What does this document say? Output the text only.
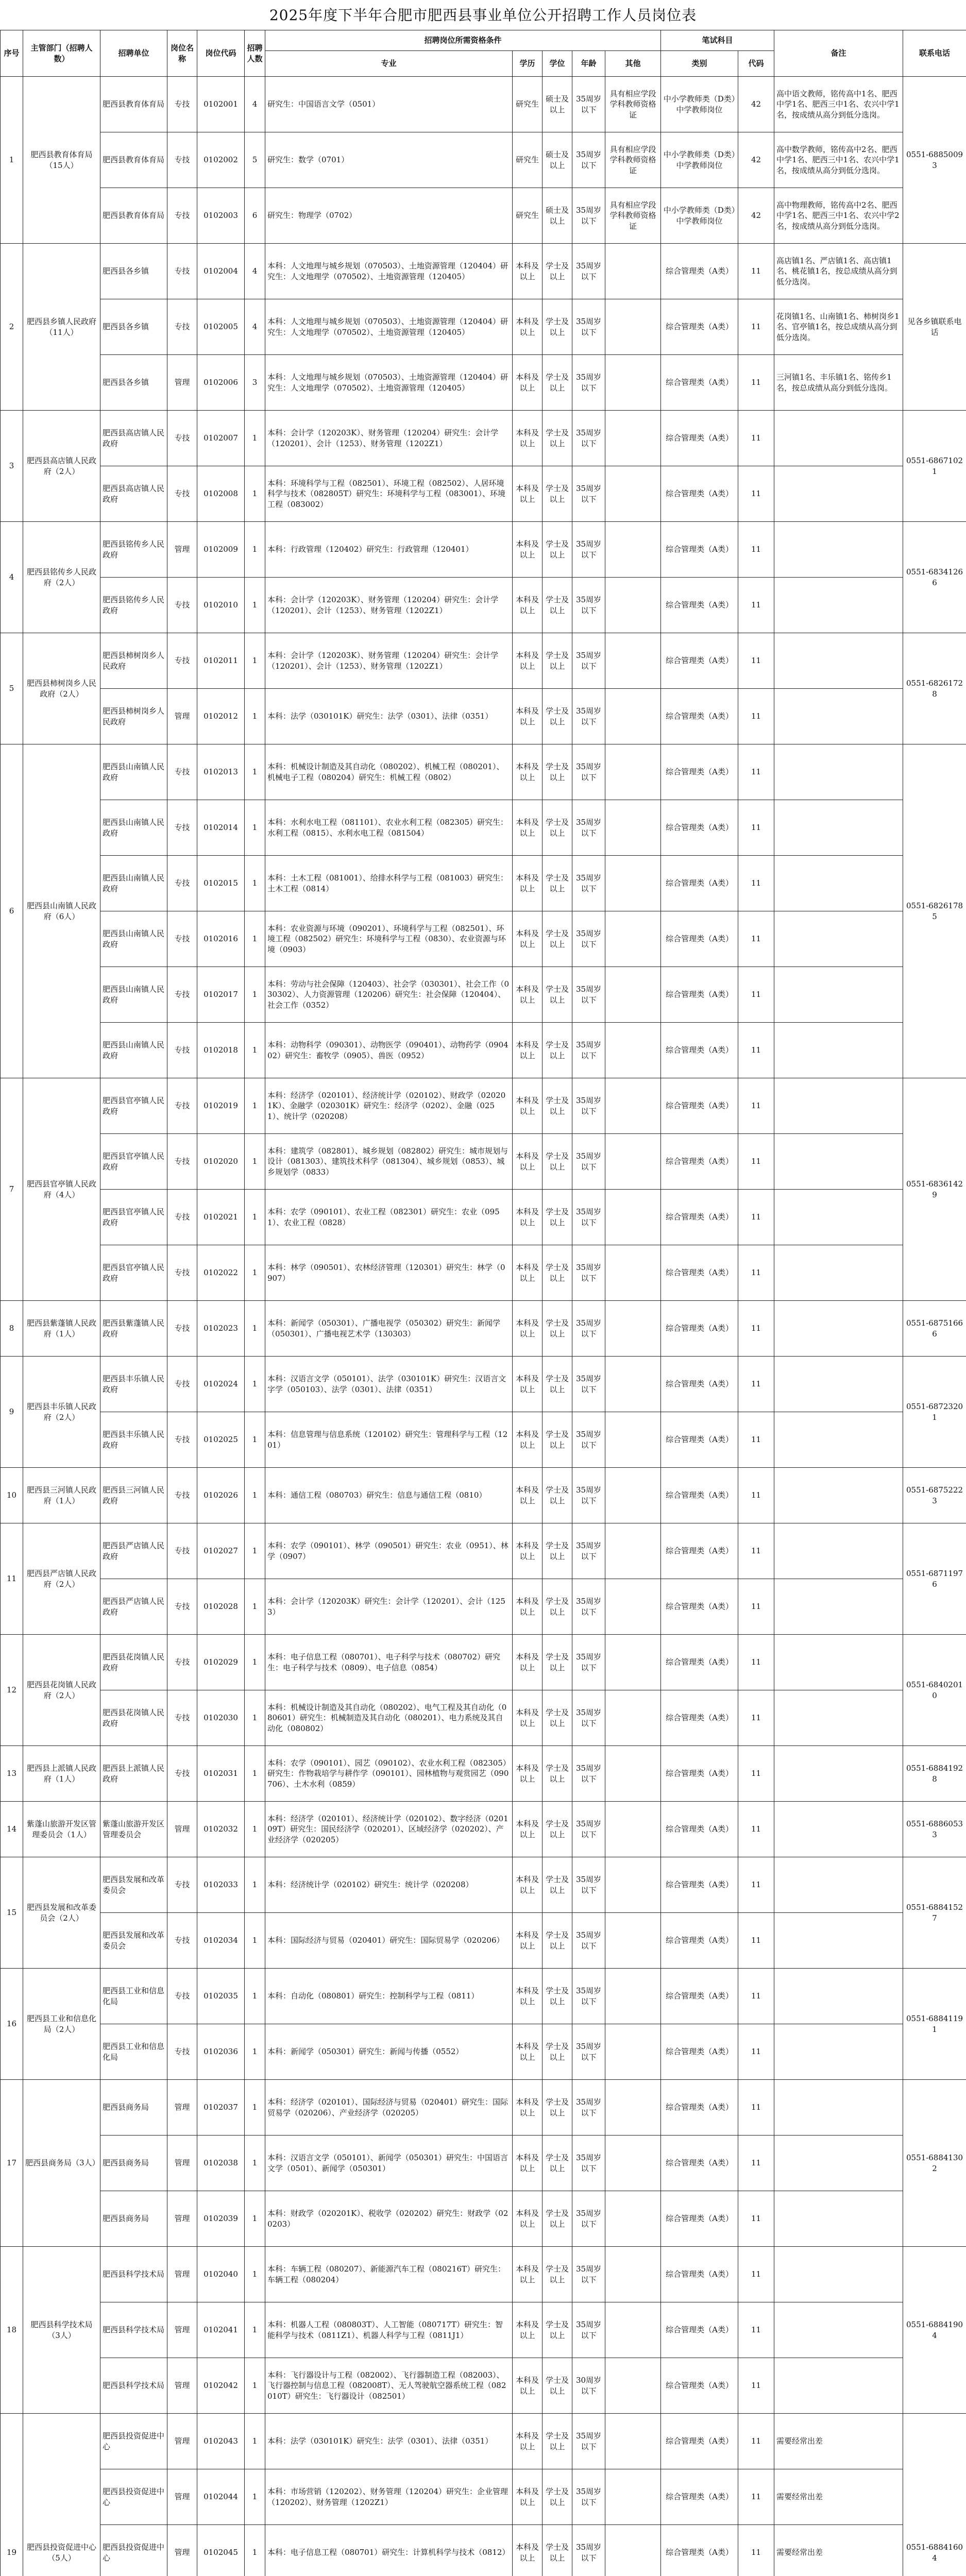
2025年度下半年合肥市肥西县事业单位公开招聘工作人员岗位表
序号	主管部门（招聘人数）	招聘单位	岗位名称	岗位代码	招聘人数	招聘岗位所需资格条件					笔试科目		备注	联系电话
						专业	学历	学位	年龄	其他	类别	代码		

1	肥西县教育体育局（15人）	肥西县教育体育局	专技	0102001	4	研究生：中国语言文学（0501）	研究生	硕士及以上	35周岁以下	具有相应学段学科教师资格证	中小学教师类（D类）中学教师岗位	42	高中语文教师，铭传高中1名、肥西中学1名、肥西三中1名、农兴中学1名，按成绩从高分到低分选岗。	0551-68850093
		肥西县教育体育局	专技	0102002	5	研究生：数学（0701）	研究生	硕士及以上	35周岁以下	具有相应学段学科教师资格证	中小学教师类（D类）中学教师岗位	42	高中数学教师，铭传高中2名、肥西中学1名、肥西三中1名、农兴中学1名，按成绩从高分到低分选岗。	
		肥西县教育体育局	专技	0102003	6	研究生：物理学（0702）	研究生	硕士及以上	35周岁以下	具有相应学段学科教师资格证	中小学教师类（D类）中学教师岗位	42	高中物理教师，铭传高中2名、肥西中学1名、肥西三中1名、农兴中学2名，按成绩从高分到低分选岗。	
2	肥西县乡镇人民政府（11人）	肥西县各乡镇	专技	0102004	4	本科：人文地理与城乡规划（070503）、土地资源管理（120404）研究生：人文地理学（070502）、土地资源管理（120405）	本科及以上	学士及以上	35周岁以下		综合管理类（A类）	11	高店镇1名、严店镇1名、高店镇1名、桃花镇1名，按总成绩从高分到低分选岗。	见各乡镇联系电话
		肥西县各乡镇	专技	0102005	4	本科：人文地理与城乡规划（070503）、土地资源管理（120404）研究生：人文地理学（070502）、土地资源管理（120405）	本科及以上	学士及以上	35周岁以下		综合管理类（A类）	11	花岗镇1名、山南镇1名、柿树岗乡1名、官亭镇1名，按总成绩从高分到低分选岗。	
		肥西县各乡镇	管理	0102006	3	本科：人文地理与城乡规划（070503）、土地资源管理（120404）研究生：人文地理学（070502）、土地资源管理（120405）	本科及以上	学士及以上	35周岁以下		综合管理类（A类）	11	三河镇1名、丰乐镇1名、铭传乡1名，按总成绩从高分到低分选岗。	
3	肥西县高店镇人民政府（2人）	肥西县高店镇人民政府	专技	0102007	1	本科：会计学（120203K）、财务管理（120204）研究生：会计学（120201）、会计（1253）、财务管理（1202Z1）	本科及以上	学士及以上	35周岁以下		综合管理类（A类）	11		0551-68671021
		肥西县高店镇人民政府	专技	0102008	1	本科：环境科学与工程（082501）、环境工程（082502）、人居环境科学与技术（082805T）研究生：环境科学与工程（083001）、环境工程（083002）	本科及以上	学士及以上	35周岁以下		综合管理类（A类）	11		
4	肥西县铭传乡人民政府（2人）	肥西县铭传乡人民政府	管理	0102009	1	本科：行政管理（120402）研究生：行政管理（120401）	本科及以上	学士及以上	35周岁以下		综合管理类（A类）	11		0551-68341266
		肥西县铭传乡人民政府	专技	0102010	1	本科：会计学（120203K）、财务管理（120204）研究生：会计学（120201）、会计（1253）、财务管理（1202Z1）	本科及以上	学士及以上	35周岁以下		综合管理类（A类）	11		
5	肥西县柿树岗乡人民政府（2人）	肥西县柿树岗乡人民政府	专技	0102011	1	本科：会计学（120203K）、财务管理（120204）研究生：会计学（120201）、会计（1253）、财务管理（1202Z1）	本科及以上	学士及以上	35周岁以下		综合管理类（A类）	11		0551-68261728
		肥西县柿树岗乡人民政府	管理	0102012	1	本科：法学（030101K）研究生：法学（0301）、法律（0351）	本科及以上	学士及以上	35周岁以下		综合管理类（A类）	11		
6	肥西县山南镇人民政府（6人）	肥西县山南镇人民政府	专技	0102013	1	本科：机械设计制造及其自动化（080202）、机械工程（080201）、机械电子工程（080204）研究生：机械工程（0802）	本科及以上	学士及以上	35周岁以下		综合管理类（A类）	11		0551-68261785
		肥西县山南镇人民政府	专技	0102014	1	本科：水利水电工程（081101）、农业水利工程（082305）研究生：水利工程（0815）、水利水电工程（081504）	本科及以上	学士及以上	35周岁以下		综合管理类（A类）	11		
		肥西县山南镇人民政府	专技	0102015	1	本科：土木工程（081001）、给排水科学与工程（081003）研究生：土木工程（0814）	本科及以上	学士及以上	35周岁以下		综合管理类（A类）	11		
		肥西县山南镇人民政府	专技	0102016	1	本科：农业资源与环境（090201）、环境科学与工程（082501）、环境工程（082502）研究生：环境科学与工程（0830）、农业资源与环境（0903）	本科及以上	学士及以上	35周岁以下		综合管理类（A类）	11		
		肥西县山南镇人民政府	专技	0102017	1	本科：劳动与社会保障（120403）、社会学（030301）、社会工作（030302）、人力资源管理（120206）研究生：社会保障（120404）、社会工作（0352）	本科及以上	学士及以上	35周岁以下		综合管理类（A类）	11		
		肥西县山南镇人民政府	专技	0102018	1	本科：动物科学（090301）、动物医学（090401）、动物药学（090402）研究生：畜牧学（0905）、兽医（0952）	本科及以上	学士及以上	35周岁以下		综合管理类（A类）	11		
7	肥西县官亭镇人民政府（4人）	肥西县官亭镇人民政府	专技	0102019	1	本科：经济学（020101）、经济统计学（020102）、财政学（020201K）、金融学（020301K）研究生：经济学（0202）、金融（0251）、统计学（020208）	本科及以上	学士及以上	35周岁以下		综合管理类（A类）	11		0551-68361429
		肥西县官亭镇人民政府	专技	0102020	1	本科：建筑学（082801）、城乡规划（082802）研究生：城市规划与设计（081303）、建筑技术科学（081304）、城乡规划（0853）、城乡规划学（0833）	本科及以上	学士及以上	35周岁以下		综合管理类（A类）	11		
		肥西县官亭镇人民政府	专技	0102021	1	本科：农学（090101）、农业工程（082301）研究生：农业（0951）、农业工程（0828）	本科及以上	学士及以上	35周岁以下		综合管理类（A类）	11		
		肥西县官亭镇人民政府	专技	0102022	1	本科：林学（090501）、农林经济管理（120301）研究生：林学（0907）	本科及以上	学士及以上	35周岁以下		综合管理类（A类）	11		
8	肥西县紫蓬镇人民政府（1人）	肥西县紫蓬镇人民政府	专技	0102023	1	本科：新闻学（050301）、广播电视学（050302）研究生：新闻学（050301）、广播电视艺术学（130303）	本科及以上	学士及以上	35周岁以下		综合管理类（A类）	11		0551-68751666
9	肥西县丰乐镇人民政府（2人）	肥西县丰乐镇人民政府	专技	0102024	1	本科：汉语言文学（050101）、法学（030101K）研究生：汉语言文字学（050103）、法学（0301）、法律（0351）	本科及以上	学士及以上	35周岁以下		综合管理类（A类）	11		0551-68723201
		肥西县丰乐镇人民政府	专技	0102025	1	本科：信息管理与信息系统（120102）研究生：管理科学与工程（1201）	本科及以上	学士及以上	35周岁以下		综合管理类（A类）	11		
10	肥西县三河镇人民政府（1人）	肥西县三河镇人民政府	专技	0102026	1	本科：通信工程（080703）研究生：信息与通信工程（0810）	本科及以上	学士及以上	35周岁以下		综合管理类（A类）	11		0551-68752223
11	肥西县严店镇人民政府（2人）	肥西县严店镇人民政府	专技	0102027	1	本科：农学（090101）、林学（090501）研究生：农业（0951）、林学（0907）	本科及以上	学士及以上	35周岁以下		综合管理类（A类）	11		0551-68711976
		肥西县严店镇人民政府	专技	0102028	1	本科：会计学（120203K）研究生：会计学（120201）、会计（1253）	本科及以上	学士及以上	35周岁以下		综合管理类（A类）	11		
12	肥西县花岗镇人民政府（2人）	肥西县花岗镇人民政府	专技	0102029	1	本科：电子信息工程（080701）、电子科学与技术（080702）研究生：电子科学与技术（0809）、电子信息（0854）	本科及以上	学士及以上	35周岁以下		综合管理类（A类）	11		0551-68402010
		肥西县花岗镇人民政府	专技	0102030	1	本科：机械设计制造及其自动化（080202）、电气工程及其自动化（080601）研究生：机械制造及其自动化（080201）、电力系统及其自动化（080802）	本科及以上	学士及以上	35周岁以下		综合管理类（A类）	11		
13	肥西县上派镇人民政府（1人）	肥西县上派镇人民政府	专技	0102031	1	本科：农学（090101）、园艺（090102）、农业水利工程（082305）研究生：作物栽培学与耕作学（090101）、园林植物与观赏园艺（090706）、土木水利（0859）	本科及以上	学士及以上	35周岁以下		综合管理类（A类）	11		0551-68841928
14	紫蓬山旅游开发区管理委员会（1人）	紫蓬山旅游开发区管理委员会	管理	0102032	1	本科：经济学（020101）、经济统计学（020102）、数字经济（020109T）研究生：国民经济学（020201）、区域经济学（020202）、产业经济学（020205）	本科及以上	学士及以上	35周岁以下		综合管理类（A类）	11		0551-68860533
15	肥西县发展和改革委员会（2人）	肥西县发展和改革委员会	专技	0102033	1	本科：经济统计学（020102）研究生：统计学（020208）	本科及以上	学士及以上	35周岁以下		综合管理类（A类）	11		0551-68841527
		肥西县发展和改革委员会	专技	0102034	1	本科：国际经济与贸易（020401）研究生：国际贸易学（020206）	本科及以上	学士及以上	35周岁以下		综合管理类（A类）	11		
16	肥西县工业和信息化局（2人）	肥西县工业和信息化局	专技	0102035	1	本科：自动化（080801）研究生：控制科学与工程（0811）	本科及以上	学士及以上	35周岁以下		综合管理类（A类）	11		0551-68841191
		肥西县工业和信息化局	专技	0102036	1	本科：新闻学（050301）研究生：新闻与传播（0552）	本科及以上	学士及以上	35周岁以下		综合管理类（A类）	11		
17	肥西县商务局（3人）	肥西县商务局	管理	0102037	1	本科：经济学（020101）、国际经济与贸易（020401）研究生：国际贸易学（020206）、产业经济学（020205）	本科及以上	学士及以上	35周岁以下		综合管理类（A类）	11		0551-68841302
		肥西县商务局	管理	0102038	1	本科：汉语言文学（050101）、新闻学（050301）研究生：中国语言文学（0501）、新闻学（050301）	本科及以上	学士及以上	35周岁以下		综合管理类（A类）	11		
		肥西县商务局	管理	0102039	1	本科：财政学（020201K）、税收学（020202）研究生：财政学（020203）	本科及以上	学士及以上	35周岁以下		综合管理类（A类）	11		
18	肥西县科学技术局（3人）	肥西县科学技术局	管理	0102040	1	本科：车辆工程（080207）、新能源汽车工程（080216T）研究生：车辆工程（080204）	本科及以上	学士及以上	35周岁以下		综合管理类（A类）	11		0551-68841904
		肥西县科学技术局	管理	0102041	1	本科：机器人工程（080803T）、人工智能（080717T）研究生：智能科学与技术（0811Z1）、机器人科学与工程（0811J1）	本科及以上	学士及以上	35周岁以下		综合管理类（A类）	11		
		肥西县科学技术局	管理	0102042	1	本科：飞行器设计与工程（082002）、飞行器制造工程（082003）、飞行器控制与信息工程（082008T）、无人驾驶航空器系统工程（082010T）研究生：飞行器设计（082501）	本科及以上	学士及以上	30周岁以下		综合管理类（A类）	11		
19	肥西县投资促进中心（5人）	肥西县投资促进中心	管理	0102043	1	本科：法学（030101K）研究生：法学（0301）、法律（0351）	本科及以上	学士及以上	35周岁以下		综合管理类（A类）	11	需要经常出差	0551-68841604
		肥西县投资促进中心	管理	0102044	1	本科：市场营销（120202）、财务管理（120204）研究生：企业管理（120202）、财务管理（1202Z1）	本科及以上	学士及以上	35周岁以下		综合管理类（A类）	11	需要经常出差	
		肥西县投资促进中心	管理	0102045	1	本科：电子信息工程（080701）研究生：计算机科学与技术（0812）	本科及以上	学士及以上	35周岁以下		综合管理类（A类）	11	需要经常出差	
